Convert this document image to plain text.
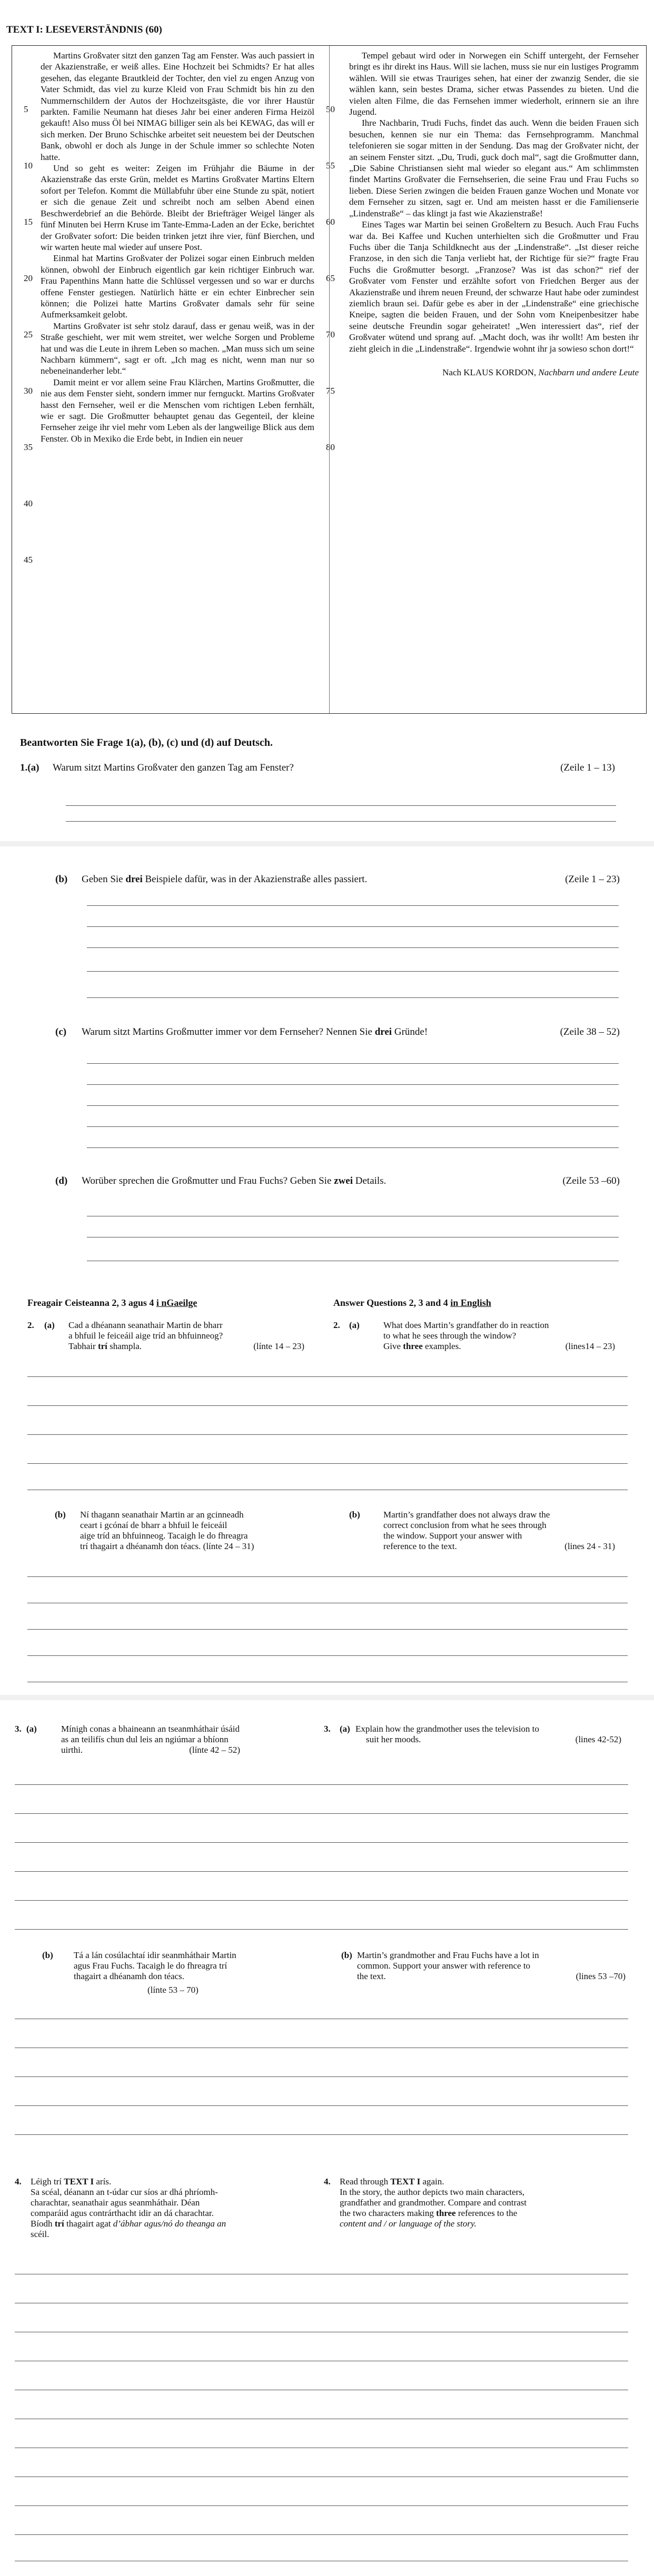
TEXT I: LESEVERSTÄNDNIS (60)

Martins Großvater sitzt den ganzen Tag am Fenster. Was auch passiert in der Akazienstraße, er weiß alles. Eine Hochzeit bei Schmidts? Er hat alles gesehen, das elegante Brautkleid der Tochter, den viel zu engen Anzug von Vater Schmidt, das viel zu kurze Kleid von Frau Schmidt bis hin zu den Nummernschildern der Autos der Hochzeitsgäste, die vor ihrer Haustür parkten. Familie Neumann hat dieses Jahr bei einer anderen Firma Heizöl gekauft! Also muss Öl bei NIMAG billiger sein als bei KEWAG, das will er sich merken. Der Bruno Schischke arbeitet seit neuestem bei der Deutschen Bank, obwohl er doch als Junge in der Schule immer so schlechte Noten hatte.

Und so geht es weiter: Zeigen im Frühjahr die Bäume in der Akazienstraße das erste Grün, meldet es Martins Großvater Martins Eltern sofort per Telefon. Kommt die Müllabfuhr über eine Stunde zu spät, notiert er sich die genaue Zeit und schreibt noch am selben Abend einen Beschwerdebrief an die Behörde. Bleibt der Briefträger Weigel länger als fünf Minuten bei Herrn Kruse im Tante-Emma-Laden an der Ecke, berichtet der Großvater sofort: Die beiden trinken jetzt ihre vier, fünf Bierchen, und wir warten heute mal wieder auf unsere Post.

Einmal hat Martins Großvater der Polizei sogar einen Einbruch melden können, obwohl der Einbruch eigentlich gar kein richtiger Einbruch war. Frau Papenthins Mann hatte die Schlüssel vergessen und so war er durchs offene Fenster gestiegen. Natürlich hätte er ein echter Einbrecher sein können; die Polizei hatte Martins Großvater damals sehr für seine Aufmerksamkeit gelobt.

Martins Großvater ist sehr stolz darauf, dass er genau weiß, was in der Straße geschieht, wer mit wem streitet, wer welche Sorgen und Probleme hat und was die Leute in ihrem Leben so machen. „Man muss sich um seine Nachbarn kümmern“, sagt er oft. „Ich mag es nicht, wenn man nur so nebeneinanderher lebt.“

Damit meint er vor allem seine Frau Klärchen, Martins Großmutter, die nie aus dem Fenster sieht, sondern immer nur fernguckt. Martins Großvater hasst den Fernseher, weil er die Menschen vom richtigen Leben fernhält, wie er sagt. Die Großmutter behauptet genau das Gegenteil, der kleine Fernseher zeige ihr viel mehr vom Leben als der langweilige Blick aus dem Fenster. Ob in Mexiko die Erde bebt, in Indien ein neuer

Tempel gebaut wird oder in Norwegen ein Schiff untergeht, der Fernseher bringt es ihr direkt ins Haus. Will sie lachen, muss sie nur ein lustiges Programm wählen. Will sie etwas Trauriges sehen, hat einer der zwanzig Sender, die sie wählen kann, sein bestes Drama, sicher etwas Passendes zu bieten. Und die vielen alten Filme, die das Fernsehen immer wiederholt, erinnern sie an ihre Jugend.

Ihre Nachbarin, Trudi Fuchs, findet das auch. Wenn die beiden Frauen sich besuchen, kennen sie nur ein Thema: das Fernsehprogramm. Manchmal telefonieren sie sogar mitten in der Sendung. Das mag der Großvater nicht, der an seinem Fenster sitzt. „Du, Trudi, guck doch mal“, sagt die Großmutter dann, „Die Sabine Christiansen sieht mal wieder so elegant aus.“ Am schlimmsten findet Martins Großvater die Fernsehserien, die seine Frau und Frau Fuchs so lieben. Diese Serien zwingen die beiden Frauen ganze Wochen und Monate vor dem Fernseher zu sitzen, sagt er. Und am meisten hasst er die Familienserie „Lindenstraße“ – das klingt ja fast wie Akazienstraße!

Eines Tages war Martin bei seinen Großeltern zu Besuch. Auch Frau Fuchs war da. Bei Kaffee und Kuchen unterhielten sich die Großmutter und Frau Fuchs über die Tanja Schildknecht aus der „Lindenstraße“. „Ist dieser reiche Franzose, in den sich die Tanja verliebt hat, der Richtige für sie?“ fragte Frau Fuchs die Großmutter besorgt. „Franzose? Was ist das schon?“ rief der Großvater vom Fenster und erzählte sofort von Friedchen Berger aus der Akazienstraße und ihrem neuen Freund, der schwarze Haut habe oder zumindest ziemlich braun sei. Dafür gebe es aber in der „Lindenstraße“ eine griechische Kneipe, sagten die beiden Frauen, und der Sohn vom Kneipenbesitzer habe seine deutsche Freundin sogar geheiratet! „Wen interessiert das“, rief der Großvater wütend und sprang auf. „Macht doch, was ihr wollt! Am besten ihr zieht gleich in die „Lindenstraße“. Irgendwie wohnt ihr ja sowieso schon dort!“

Nach KLAUS KORDON, Nachbarn und andere Leute

5
10
15
20
25
30
35
40
45
50
55
60
65
70
75
80
Beantworten Sie Frage 1(a), (b), (c) und (d) auf Deutsch.
1.(a) Warum sitzt Martins Großvater den ganzen Tag am Fenster?	(Zeile 1 – 13)
(b) Geben Sie drei Beispiele dafür, was in der Akazienstraße alles passiert.	(Zeile 1 – 23)
(c) Warum sitzt Martins Großmutter immer vor dem Fernseher? Nennen Sie drei Gründe!	(Zeile 38 – 52)
(d) Worüber sprechen die Großmutter und Frau Fuchs? Geben Sie zwei Details.	(Zeile 53 –60)
Freagair Ceisteanna 2, 3 agus 4 i nGaeilge	Answer Questions 2, 3 and 4 in English
2. (a) Cad a dhéanann seanathair Martin de bharr
a bhfuil le feiceáil aige tríd an bhfuinneog?
Tabhair trí shampla.	(línte 14 – 23)
2. (a)	What does Martin’s grandfather do in reaction
to what he sees through the window?
Give three examples.	(lines14 – 23)
(b) Ní thagann seanathair Martin ar an gcinneadh
ceart i gcónaí de bharr a bhfuil le feiceáil
aige tríd an bhfuinneog. Tacaigh le do fhreagra
trí thagairt a dhéanamh don téacs. (línte 24 – 31)
(b)	Martin’s grandfather does not always draw the
correct conclusion from what he sees through
the window. Support your answer with
reference to the text.	(lines 24 - 31)
3. (a)	Mínigh conas a bhaineann an tseanmháthair úsáid
as an teilifís chun dul leis an ngiúmar a bhíonn
uirthi.	(línte 42 – 52)
3. (a) Explain how the grandmother uses the television to
suit her moods.	(lines 42-52)
(b) Tá a lán cosúlachtaí idir seanmháthair Martin
agus Frau Fuchs. Tacaigh le do fhreagra trí
thagairt a dhéanamh don téacs.
(línte 53 – 70)
(b) Martin’s grandmother and Frau Fuchs have a lot in
common. Support your answer with reference to
the text.	(lines 53 –70)
4. Léigh trí TEXT I arís.
Sa scéal, déanann an t-údar cur síos ar dhá phríomh-
charachtar, seanathair agus seanmháthair. Déan
comparáid agus contrárthacht idir an dá charachtar.
Bíodh trí thagairt agat d’ábhar agus/nó do theanga an
scéil.
4. Read through TEXT I again.
In the story, the author depicts two main characters,
grandfather and grandmother. Compare and contrast
the two characters making three references to the
content and / or language of the story.
